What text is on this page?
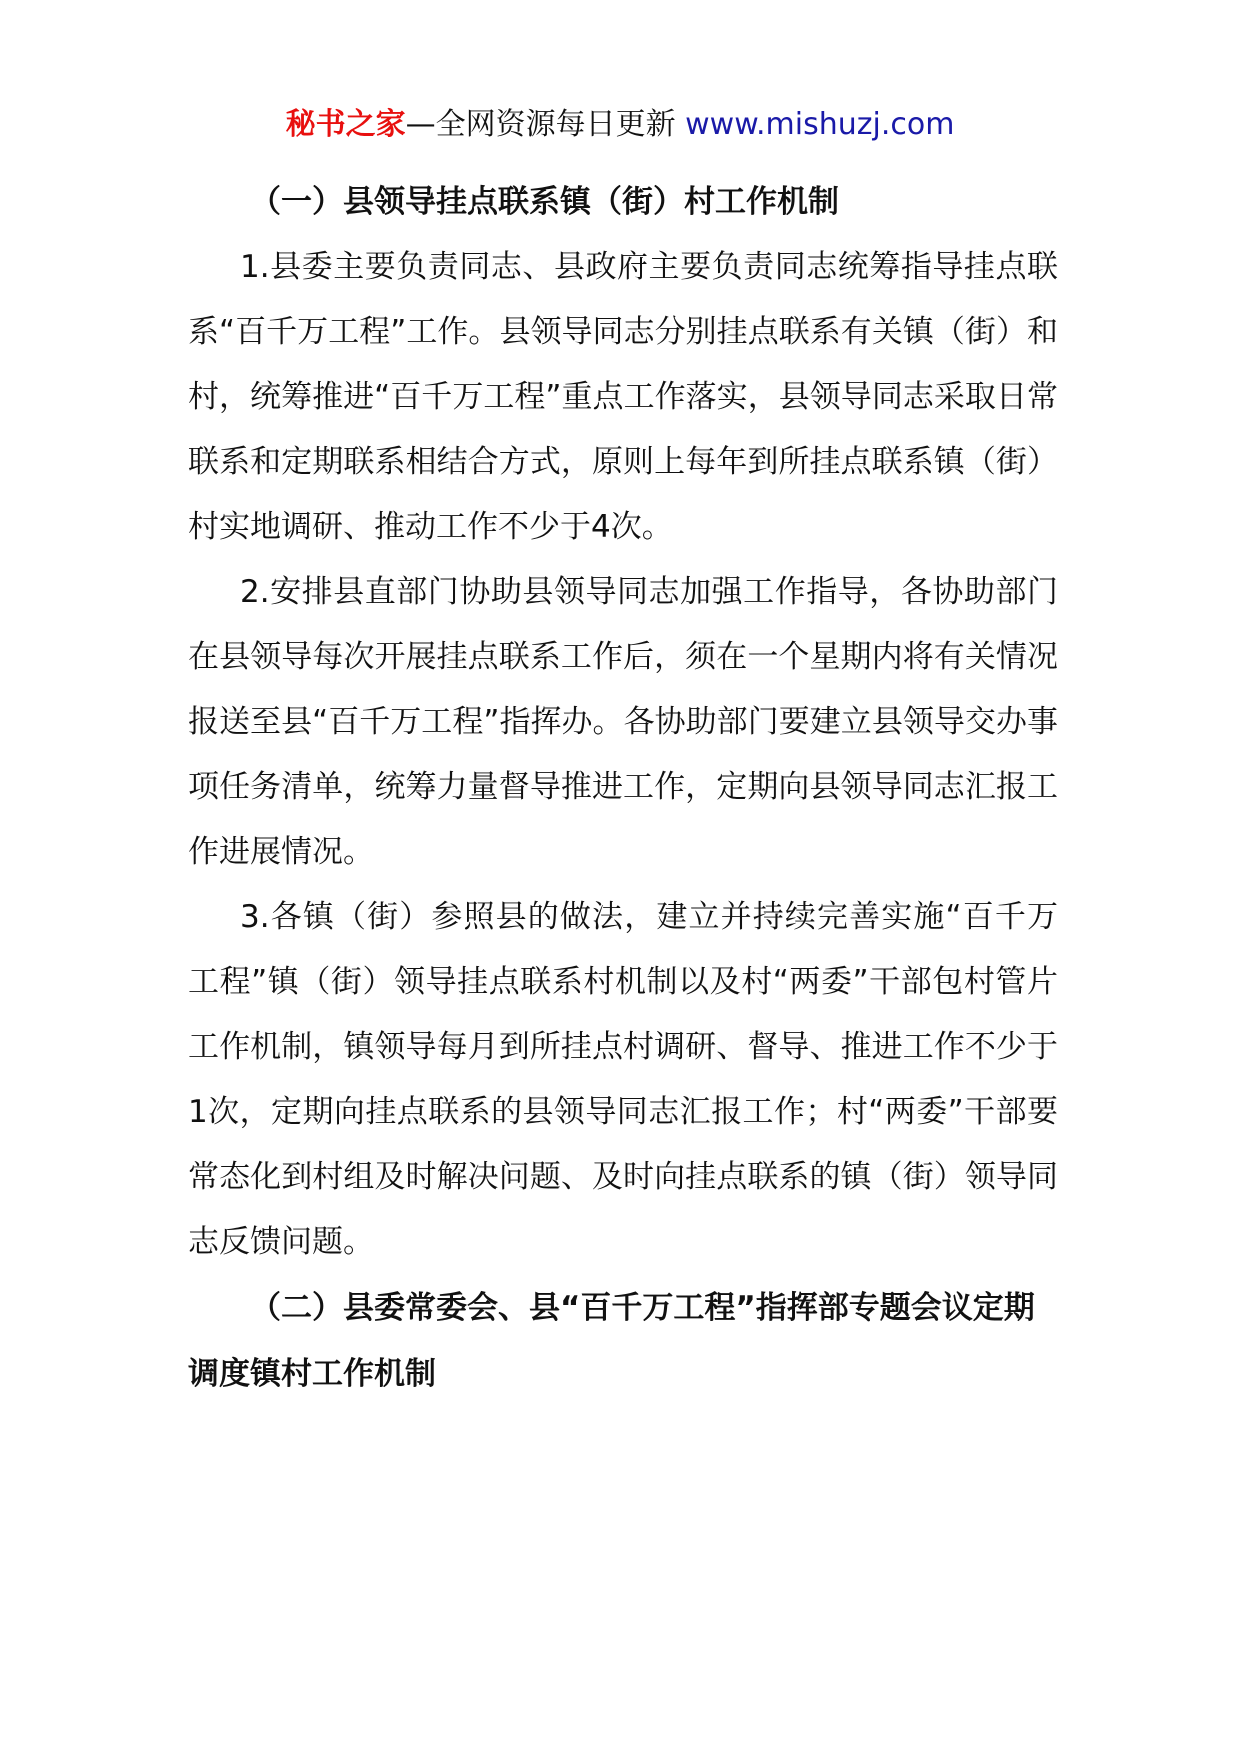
秘书之家—全网资源每日更新 www.mishuzj.com

（一）县领导挂点联系镇（街）村工作机制

1.县委主要负责同志、县政府主要负责同志统筹指导挂点联系“百千万工程”工作。县领导同志分别挂点联系有关镇（街）和村，统筹推进“百千万工程”重点工作落实，县领导同志采取日常联系和定期联系相结合方式，原则上每年到所挂点联系镇（街）村实地调研、推动工作不少于4次。

2.安排县直部门协助县领导同志加强工作指导，各协助部门在县领导每次开展挂点联系工作后，须在一个星期内将有关情况报送至县“百千万工程”指挥办。各协助部门要建立县领导交办事项任务清单，统筹力量督导推进工作，定期向县领导同志汇报工作进展情况。

3.各镇（街）参照县的做法，建立并持续完善实施“百千万工程”镇（街）领导挂点联系村机制以及村“两委”干部包村管片工作机制，镇领导每月到所挂点村调研、督导、推进工作不少于1次，定期向挂点联系的县领导同志汇报工作；村“两委”干部要常态化到村组及时解决问题、及时向挂点联系的镇（街）领导同志反馈问题。

（二）县委常委会、县“百千万工程”指挥部专题会议定期调度镇村工作机制
